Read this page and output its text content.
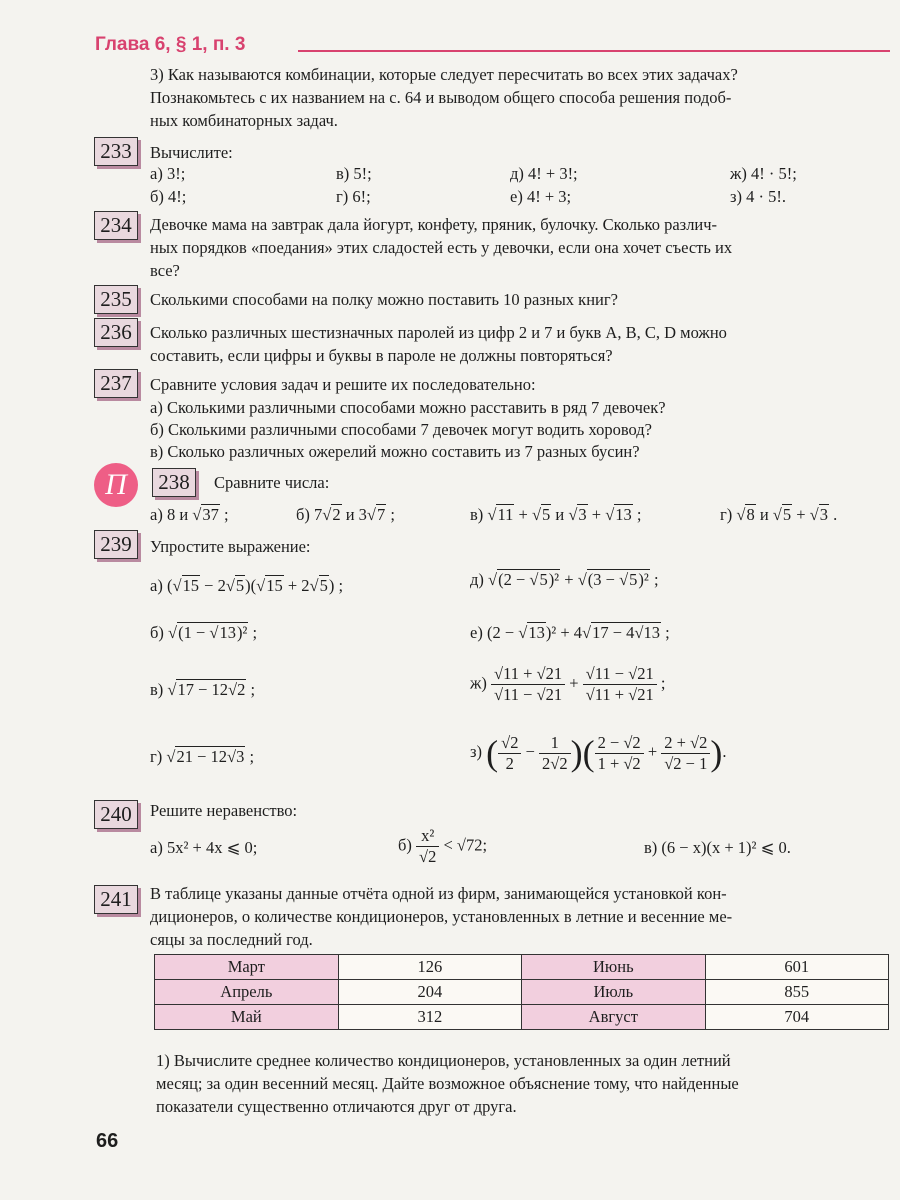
Глава 6, § 1, п. 3
3) Как называются комбинации, которые следует пересчитать во всех этих задачах?
Познакомьтесь с их названием на с. 64 и выводом общего способа решения подоб-
ных комбинаторных задач.
233	Вычислите:
а) 3!;	в) 5!;	д) 4! + 3!;	ж) 4! · 5!;
б) 4!;	г) 6!;	е) 4! + 3;	з) 4 · 5!.
234	Девочке мама на завтрак дала йогурт, конфету, пряник, булочку. Сколько различ-
ных порядков «поедания» этих сладостей есть у девочки, если она хочет съесть их
все?
235	Сколькими способами на полку можно поставить 10 разных книг?
236	Сколько различных шестизначных паролей из цифр 2 и 7 и букв A, B, C, D можно
составить, если цифры и буквы в пароле не должны повторяться?
237	Сравните условия задач и решите их последовательно:
а) Сколькими различными способами можно расставить в ряд 7 девочек?
б) Сколькими различными способами 7 девочек могут водить хоровод?
в) Сколько различных ожерелий можно составить из 7 разных бусин?
П	238	Сравните числа:
а) 8 и √37 ;	б) 7√2 и 3√7 ;	в) √11 + √5 и √3 + √13 ;	г) √8 и √5 + √3 .
239	Упростите выражение:
а) (√15 − 2√5)(√15 + 2√5) ;	д) √(2 − √5)² + √(3 − √5)² ;
б) √(1 − √13)² ;	е) (2 − √13)² + 4√17 − 4√13 ;
в) √17 − 12√2 ;	$ж) \frac{√11 + √21}{√11 - √21} + \frac{√11 - √21}{√11 + √21}$ ;
г) √21 − 12√3 ;	з) ( $\frac{√2}{2} - \frac{1}{2√2}$ )( $\frac{2 - √2}{1 + √2} + \frac{2 + √2}{√2 - 1}$ ).
240	Решите неравенство:
а) 5x² + 4x ⩽ 0;	$б) \frac{\text{x²}}{√2} < √72$;	в) (6 − x)(x + 1)² ⩽ 0.
241	В таблице указаны данные отчёта одной из фирм, занимающейся установкой кон-
диционеров, о количестве кондиционеров, установленных в летние и весенние ме-
сяцы за последний год.
Март	126	Июнь	601
Апрель	204	Июль	855
Май	312	Август	704
1) Вычислите среднее количество кондиционеров, установленных за один летний
месяц; за один весенний месяц. Дайте возможное объяснение тому, что найденные
показатели существенно отличаются друг от друга.
66
